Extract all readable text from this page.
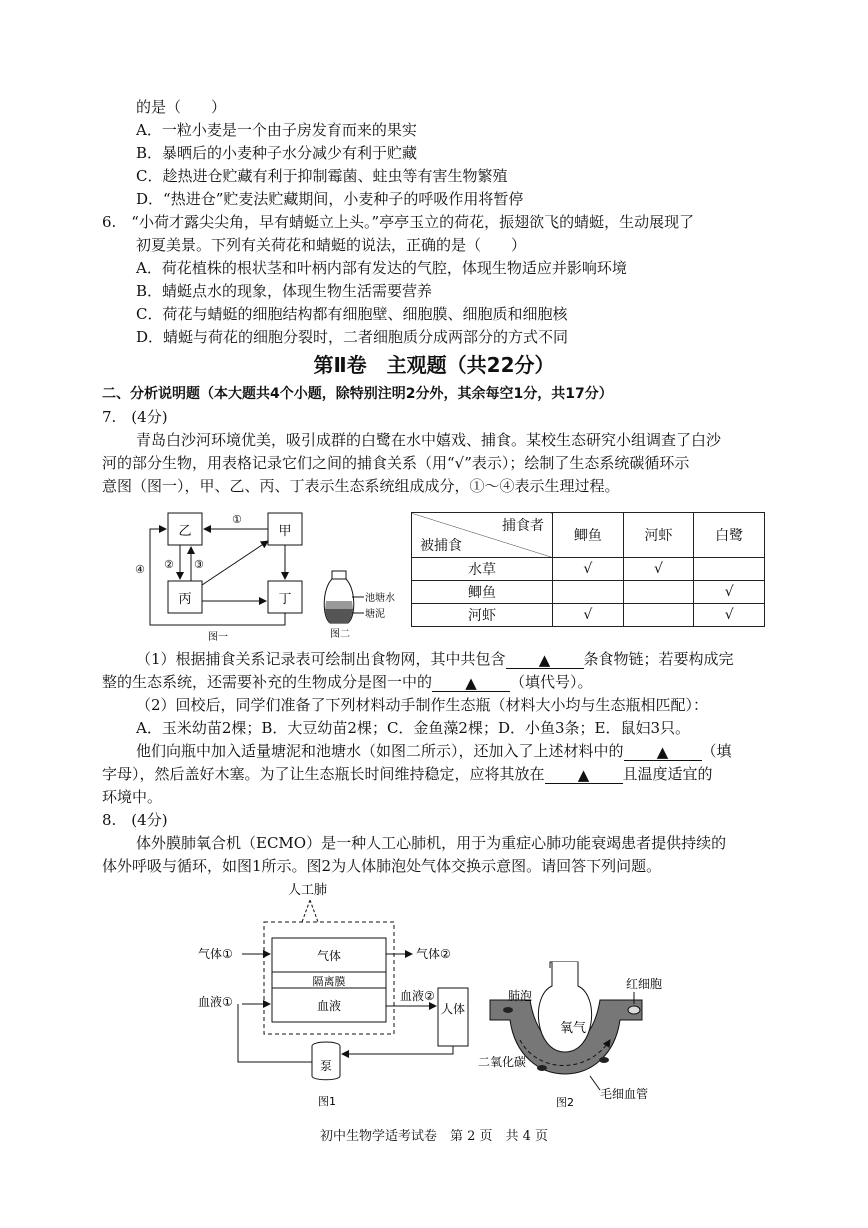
的是（　　）
A．一粒小麦是一个由子房发育而来的果实
B．暴晒后的小麦种子水分减少有利于贮藏
C．趁热进仓贮藏有利于抑制霉菌、蛀虫等有害生物繁殖
D．“热进仓”贮麦法贮藏期间，小麦种子的呼吸作用将暂停
6.　“小荷才露尖尖角，早有蜻蜓立上头。”亭亭玉立的荷花，振翅欲飞的蜻蜓，生动展现了
初夏美景。下列有关荷花和蜻蜓的说法，正确的是（　　）
A．荷花植株的根状茎和叶柄内部有发达的气腔，体现生物适应并影响环境
B．蜻蜓点水的现象，体现生物生活需要营养
C．荷花与蜻蜓的细胞结构都有细胞壁、细胞膜、细胞质和细胞核
D．蜻蜓与荷花的细胞分裂时，二者细胞质分成两部分的方式不同
第Ⅱ卷　主观题（共22分）
二、分析说明题（本大题共4个小题，除特别注明2分外，其余每空1分，共17分）
7.　(4分)
青岛白沙河环境优美，吸引成群的白鹭在水中嬉戏、捕食。某校生态研究小组调查了白沙
河的部分生物，用表格记录它们之间的捕食关系（用“√”表示）；绘制了生态系统碳循环示
意图（图一），甲、乙、丙、丁表示生态系统组成成分，①～④表示生理过程。
（1）根据捕食关系记录表可绘制出食物网，其中共包含 ▲ 条食物链；若要构成完
整的生态系统，还需要补充的生物成分是图一中的 ▲ （填代号）。
（2）回校后，同学们准备了下列材料动手制作生态瓶（材料大小均与生态瓶相匹配）：
A．玉米幼苗2棵；B．大豆幼苗2棵；C．金鱼藻2棵；D．小鱼3条；E．鼠妇3只。
他们向瓶中加入适量塘泥和池塘水（如图二所示），还加入了上述材料中的 ▲ （填
字母），然后盖好木塞。为了让生态瓶长时间维持稳定，应将其放在 ▲ 且温度适宜的
环境中。
8.　(4分)
体外膜肺氧合机（ECMO）是一种人工心肺机，用于为重症心肺功能衰竭患者提供持续的
体外呼吸与循环，如图1所示。图2为人体肺泡处气体交换示意图。请回答下列问题。
乙	甲
丙	丁
①
② ③
④
图一
池塘水
塘泥
图二
捕食者
被捕食	鲫鱼	河虾	白鹭
水草	√	√	
鲫鱼			√
河虾	√		√
人工肺
气体
隔离膜
血液
气体①	气体②
血液①	血液②
人体
泵
图1
肺泡
红细胞
氧气
二氧化碳
毛细血管
图2
初中生物学适考试卷　第 2 页　共 4 页
